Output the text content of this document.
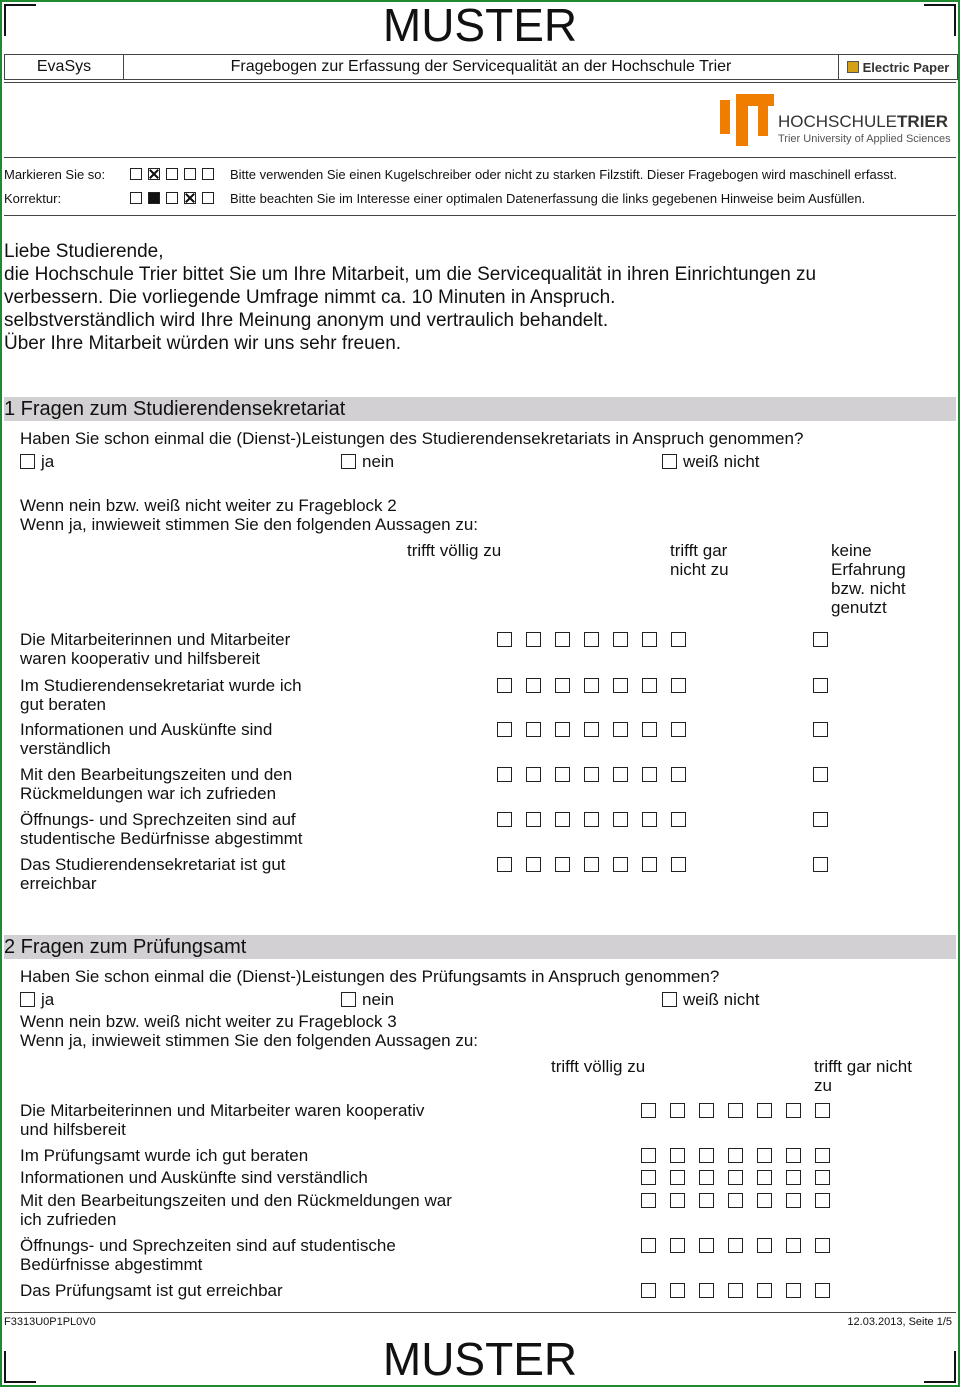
MUSTER
EvaSys	Fragebogen zur Erfassung der Servicequalität an der Hochschule Trier	Electric Paper
HOCHSCHULETRIER
Trier University of Applied Sciences
Markieren Sie so:	Bitte verwenden Sie einen Kugelschreiber oder nicht zu starken Filzstift. Dieser Fragebogen wird maschinell erfasst.
Korrektur:	Bitte beachten Sie im Interesse einer optimalen Datenerfassung die links gegebenen Hinweise beim Ausfüllen.
Liebe Studierende,
die Hochschule Trier bittet Sie um Ihre Mitarbeit, um die Servicequalität in ihren Einrichtungen zu
verbessern. Die vorliegende Umfrage nimmt ca. 10 Minuten in Anspruch.
selbstverständlich wird Ihre Meinung anonym und vertraulich behandelt.
Über Ihre Mitarbeit würden wir uns sehr freuen.
1 Fragen zum Studierendensekretariat
Haben Sie schon einmal die (Dienst-)Leistungen des Studierendensekretariats in Anspruch genommen?
ja	nein	weiß nicht
Wenn nein bzw. weiß nicht weiter zu Frageblock 2
Wenn ja, inwieweit stimmen Sie den folgenden Aussagen zu:
trifft völlig zu	trifft gar
nicht zu
keine
Erfahrung
bzw. nicht
genutzt
Die Mitarbeiterinnen und Mitarbeiter
waren kooperativ und hilfsbereit
Im Studierendensekretariat wurde ich
gut beraten
Informationen und Auskünfte sind
verständlich
Mit den Bearbeitungszeiten und den
Rückmeldungen war ich zufrieden
Öffnungs- und Sprechzeiten sind auf
studentische Bedürfnisse abgestimmt
Das Studierendensekretariat ist gut
erreichbar
2 Fragen zum Prüfungsamt
Haben Sie schon einmal die (Dienst-)Leistungen des Prüfungsamts in Anspruch genommen?
ja	nein	weiß nicht
Wenn nein bzw. weiß nicht weiter zu Frageblock 3
Wenn ja, inwieweit stimmen Sie den folgenden Aussagen zu:
trifft völlig zu	trifft gar nicht
zu
Die Mitarbeiterinnen und Mitarbeiter waren kooperativ
und hilfsbereit
Im Prüfungsamt wurde ich gut beraten
Informationen und Auskünfte sind verständlich
Mit den Bearbeitungszeiten und den Rückmeldungen war
ich zufrieden
Öffnungs- und Sprechzeiten sind auf studentische
Bedürfnisse abgestimmt
Das Prüfungsamt ist gut erreichbar
F3313U0P1PL0V0	12.03.2013, Seite 1/5
MUSTER
